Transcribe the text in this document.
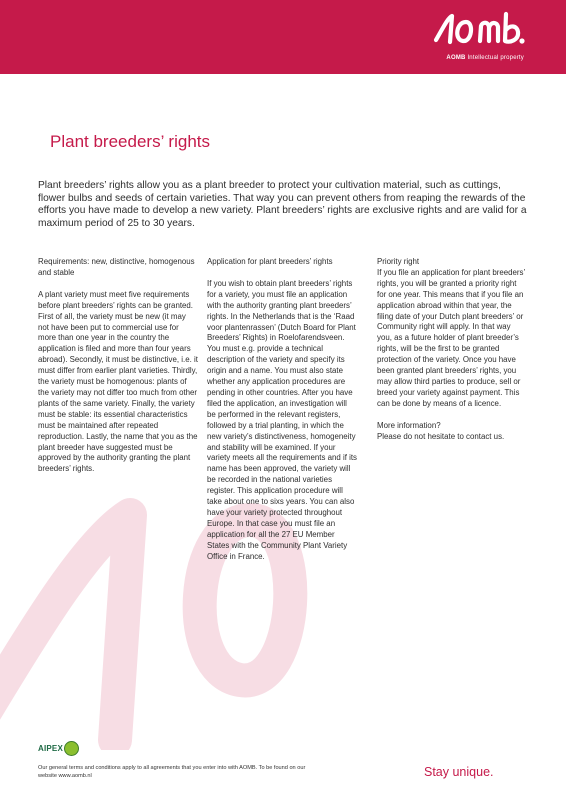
AOMB Intellectual property
Plant breeders’ rights
Plant breeders’ rights allow you as a plant breeder to protect your cultivation material, such as cuttings, flower bulbs and seeds of certain varieties. That way you can prevent others from reaping the rewards of the efforts you have made to develop a new variety. Plant breeders’ rights are exclusive rights and are valid for a maximum period of 25 to 30 years.

Requirements: new, distinctive, homogenous and stable

A plant variety must meet five requirements before plant breeders’ rights can be granted. First of all, the variety must be new (it may not have been put to commercial use for more than one year in the country the application is filed and more than four years abroad). Secondly, it must be distinctive, i.e. it must differ from earlier plant varieties. Thirdly, the variety must be homogenous: plants of the variety may not differ too much from other plants of the same variety. Finally, the variety must be stable: its essential characteristics must be maintained after repeated reproduction. Lastly, the name that you as the plant breeder have suggested must be approved by the authority granting the plant breeders’ rights.

Application for plant breeders’ rights

If you wish to obtain plant breeders’ rights for a variety, you must file an application with the authority granting plant breeders’ rights. In the Netherlands that is the ‘Raad voor plantenrassen’ (Dutch Board for Plant Breeders’ Rights) in Roelofarendsveen. You must e.g. provide a technical description of the variety and specify its origin and a name. You must also state whether any application procedures are pending in other countries. After you have filed the application, an investigation will be performed in the relevant registers, followed by a trial planting, in which the new variety’s distinctiveness, homogeneity and stability will be examined. If your variety meets all the requirements and if its name has been approved, the variety will be recorded in the national varieties register. This application procedure will take about one to sixs years. You can also have your variety protected throughout Europe. In that case you must file an application for all the 27 EU Member States with the Community Plant Variety Office in France.

Priority right

If you file an application for plant breeders’ rights, you will be granted a priority right for one year. This means that if you file an application abroad within that year, the filing date of your Dutch plant breeders’ or Community right will apply. In that way you, as a future holder of plant breeder’s rights, will be the first to be granted protection of the variety. Once you have been granted plant breeders’ rights, you may allow third parties to produce, sell or breed your variety against payment. This can be done by means of a licence.

More information?

Please do not hesitate to contact us.

AIPEX
Our general terms and conditions apply to all agreements that you enter into with AOMB. To be found on our website www.aomb.nl	Stay unique.
